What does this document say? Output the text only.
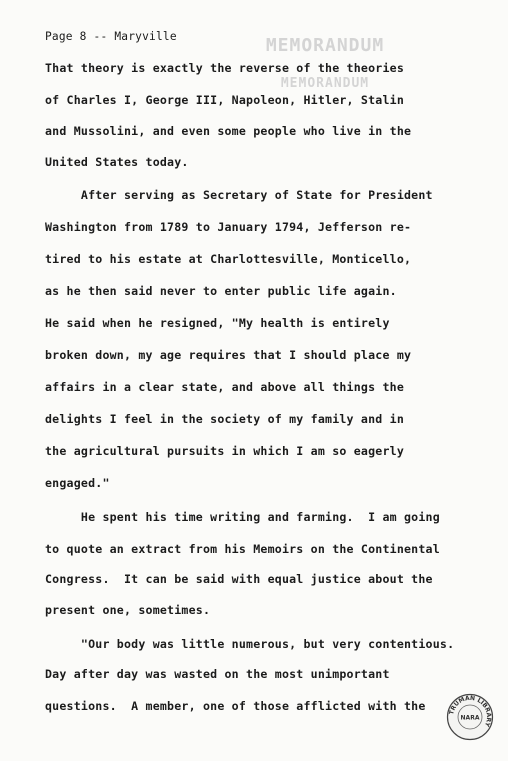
MEMORANDUM
MEMORANDUM
Page 8 -- Maryville
That theory is exactly the reverse of the theories
of Charles I, George III, Napoleon, Hitler, Stalin
and Mussolini, and even some people who live in the
United States today.
After serving as Secretary of State for President
Washington from 1789 to January 1794, Jefferson re-
tired to his estate at Charlottesville, Monticello,
as he then said never to enter public life again.
He said when he resigned, "My health is entirely
broken down, my age requires that I should place my
affairs in a clear state, and above all things the
delights I feel in the society of my family and in
the agricultural pursuits in which I am so eagerly
engaged."
He spent his time writing and farming.  I am going
to quote an extract from his Memoirs on the Continental
Congress.  It can be said with equal justice about the
present one, sometimes.
"Our body was little numerous, but very contentious.
Day after day was wasted on the most unimportant
questions.  A member, one of those afflicted with the	TRUMAN LIBRARY
NARA
